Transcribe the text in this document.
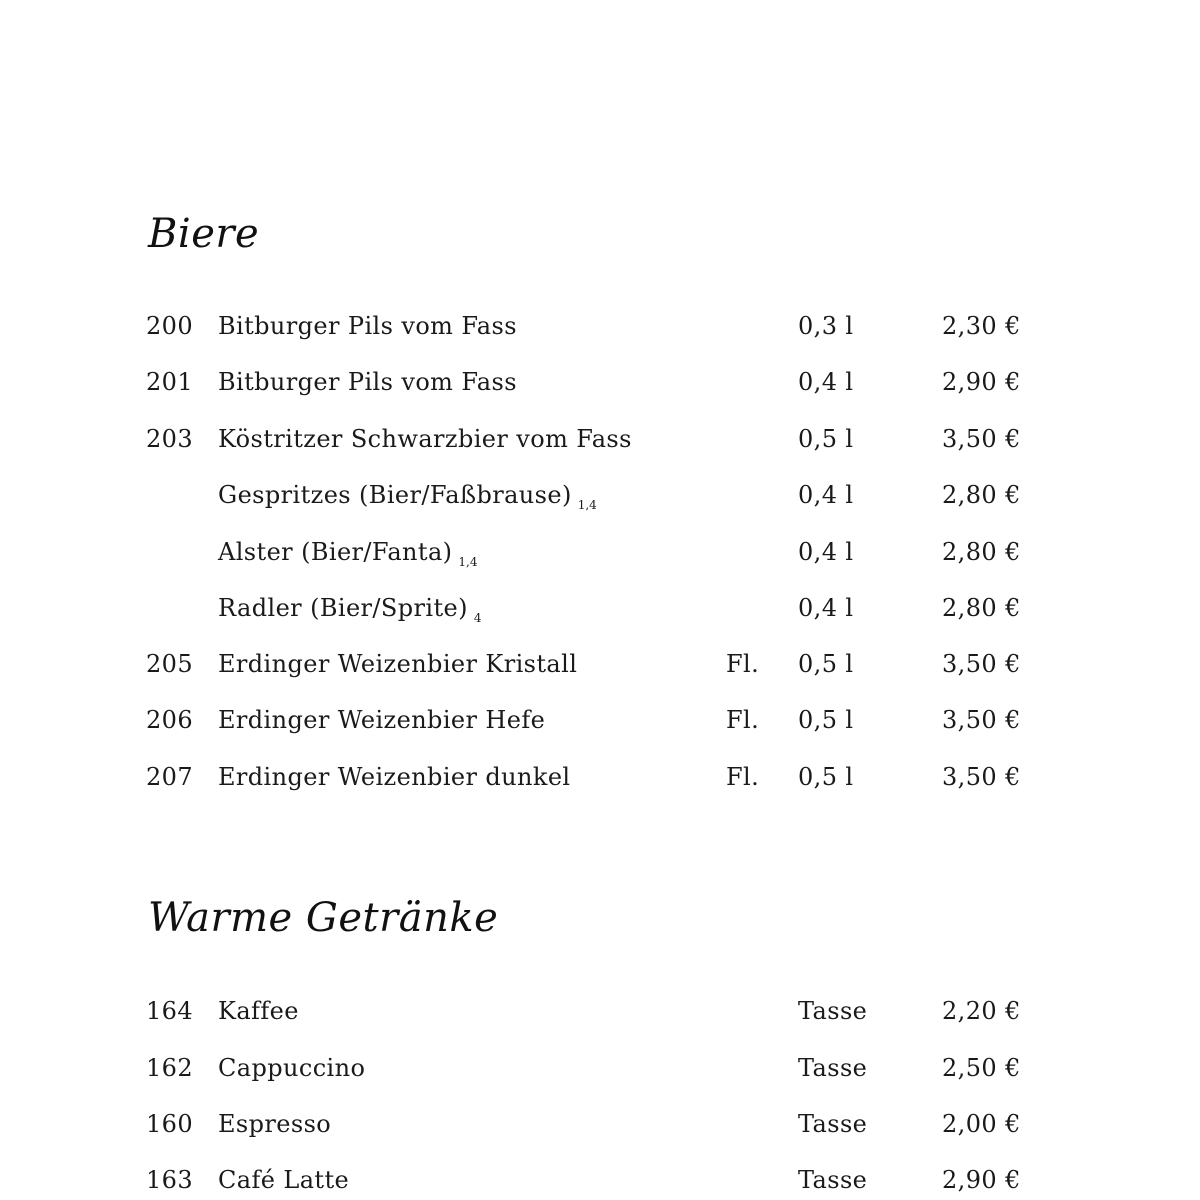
Biere
200 Bitburger Pils vom Fass	0,3 l	2,30 €
201 Bitburger Pils vom Fass	0,4 l	2,90 €
203 Köstritzer Schwarzbier vom Fass	0,5 l	3,50 €
Gespritzes (Bier/Faßbrause) $_{1,4}$	0,4 l	2,80 €
Alster (Bier/Fanta) $_{1,4}$	0,4 l	2,80 €
Radler (Bier/Sprite) $_4$	0,4 l	2,80 €
205 Erdinger Weizenbier Kristall	Fl. 0,5 l	3,50 €
206 Erdinger Weizenbier Hefe	Fl. 0,5 l	3,50 €
207 Erdinger Weizenbier dunkel	Fl. 0,5 l	3,50 €
Warme Getränke
164 Kaffee	Tasse	2,20 €
162 Cappuccino	Tasse	2,50 €
160 Espresso	Tasse	2,00 €
163 Café Latte	Tasse	2,90 €
